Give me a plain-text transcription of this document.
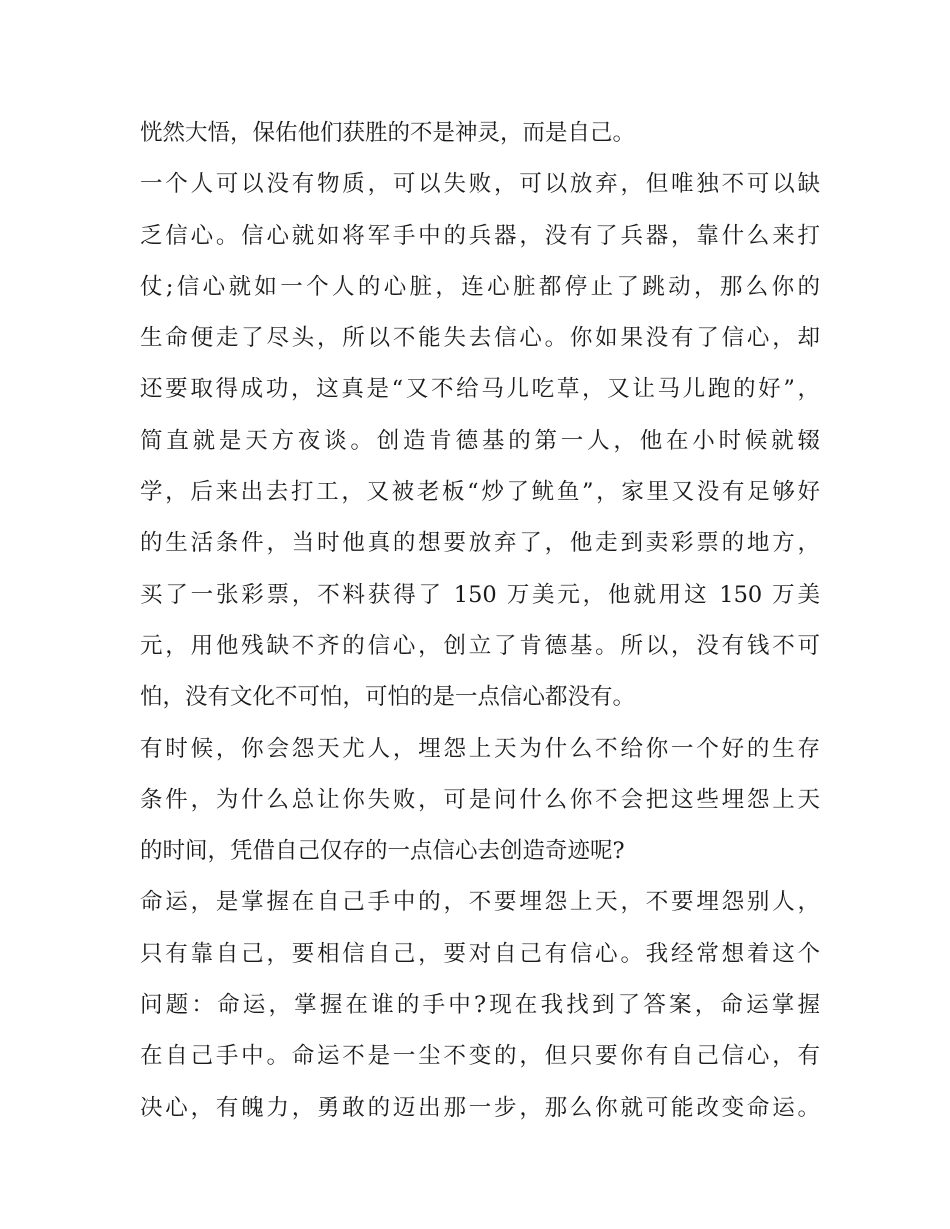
恍然大悟，保佑他们获胜的不是神灵，而是自己。
一个人可以没有物质，可以失败，可以放弃，但唯独不可以缺
乏信心。信心就如将军手中的兵器，没有了兵器，靠什么来打
仗;信心就如一个人的心脏，连心脏都停止了跳动，那么你的
生命便走了尽头，所以不能失去信心。你如果没有了信心，却
还要取得成功，这真是“又不给马儿吃草，又让马儿跑的好”，
简直就是天方夜谈。创造肯德基的第一人，他在小时候就辍
学，后来出去打工，又被老板“炒了鱿鱼”，家里又没有足够好
的生活条件，当时他真的想要放弃了，他走到卖彩票的地方，
买了一张彩票，不料获得了 150 万美元，他就用这 150 万美
元，用他残缺不齐的信心，创立了肯德基。所以，没有钱不可
怕，没有文化不可怕，可怕的是一点信心都没有。
有时候，你会怨天尤人，埋怨上天为什么不给你一个好的生存
条件，为什么总让你失败，可是问什么你不会把这些埋怨上天
的时间，凭借自己仅存的一点信心去创造奇迹呢?
命运，是掌握在自己手中的，不要埋怨上天，不要埋怨别人，
只有靠自己，要相信自己，要对自己有信心。我经常想着这个
问题：命运，掌握在谁的手中?现在我找到了答案，命运掌握
在自己手中。命运不是一尘不变的，但只要你有自己信心，有
决心，有魄力，勇敢的迈出那一步，那么你就可能改变命运。
